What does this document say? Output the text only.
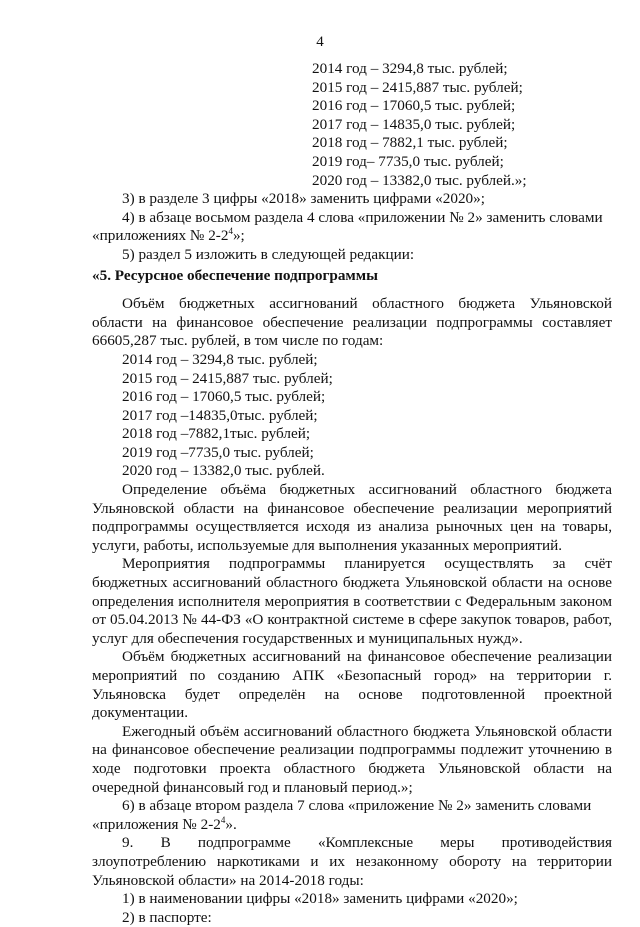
4
2014 год – 3294,8 тыс. рублей;
2015 год – 2415,887 тыс. рублей;
2016 год – 17060,5 тыс. рублей;
2017 год – 14835,0 тыс. рублей;
2018 год – 7882,1 тыс. рублей;
2019 год– 7735,0 тыс. рублей;
2020 год – 13382,0 тыс. рублей.»;

3) в разделе 3 цифры «2018» заменить цифрами «2020»;

4) в абзаце восьмом раздела 4 слова «приложении № 2» заменить словами

«приложениях № $2-2^4$»;

5) раздел 5 изложить в следующей редакции:

«5. Ресурсное обеспечение подпрограммы

Объём бюджетных ассигнований областного бюджета Ульяновской области на финансовое обеспечение реализации подпрограммы составляет 66605,287 тыс. рублей, в том числе по годам:

2014 год – 3294,8 тыс. рублей;
2015 год – 2415,887 тыс. рублей;
2016 год – 17060,5 тыс. рублей;
2017 год –14835,0тыс. рублей;
2018 год –7882,1тыс. рублей;
2019 год –7735,0 тыс. рублей;
2020 год – 13382,0 тыс. рублей.

Определение объёма бюджетных ассигнований областного бюджета Ульяновской области на финансовое обеспечение реализации мероприятий подпрограммы осуществляется исходя из анализа рыночных цен на товары, услуги, работы, используемые для выполнения указанных мероприятий.

Мероприятия подпрограммы планируется осуществлять за счёт бюджетных ассигнований областного бюджета Ульяновской области на основе определения исполнителя мероприятия в соответствии с Федеральным законом от 05.04.2013 № 44-ФЗ «О контрактной системе в сфере закупок товаров, работ, услуг для обеспечения государственных и муниципальных нужд».

Объём бюджетных ассигнований на финансовое обеспечение реализации мероприятий по созданию АПК «Безопасный город» на территории г. Ульяновска будет определён на основе подготовленной проектной документации.

Ежегодный объём ассигнований областного бюджета Ульяновской области на финансовое обеспечение реализации подпрограммы подлежит уточнению в ходе подготовки проекта областного бюджета Ульяновской области на очередной финансовый год и плановый период.»;

6) в абзаце втором раздела 7 слова «приложение № 2» заменить словами

«приложения № $2-2^4$».

9. В подпрограмме «Комплексные меры противодействия злоупотреблению наркотиками и их незаконному обороту на территории Ульяновской области» на 2014-2018 годы:

1) в наименовании цифры «2018» заменить цифрами «2020»;

2) в паспорте:
